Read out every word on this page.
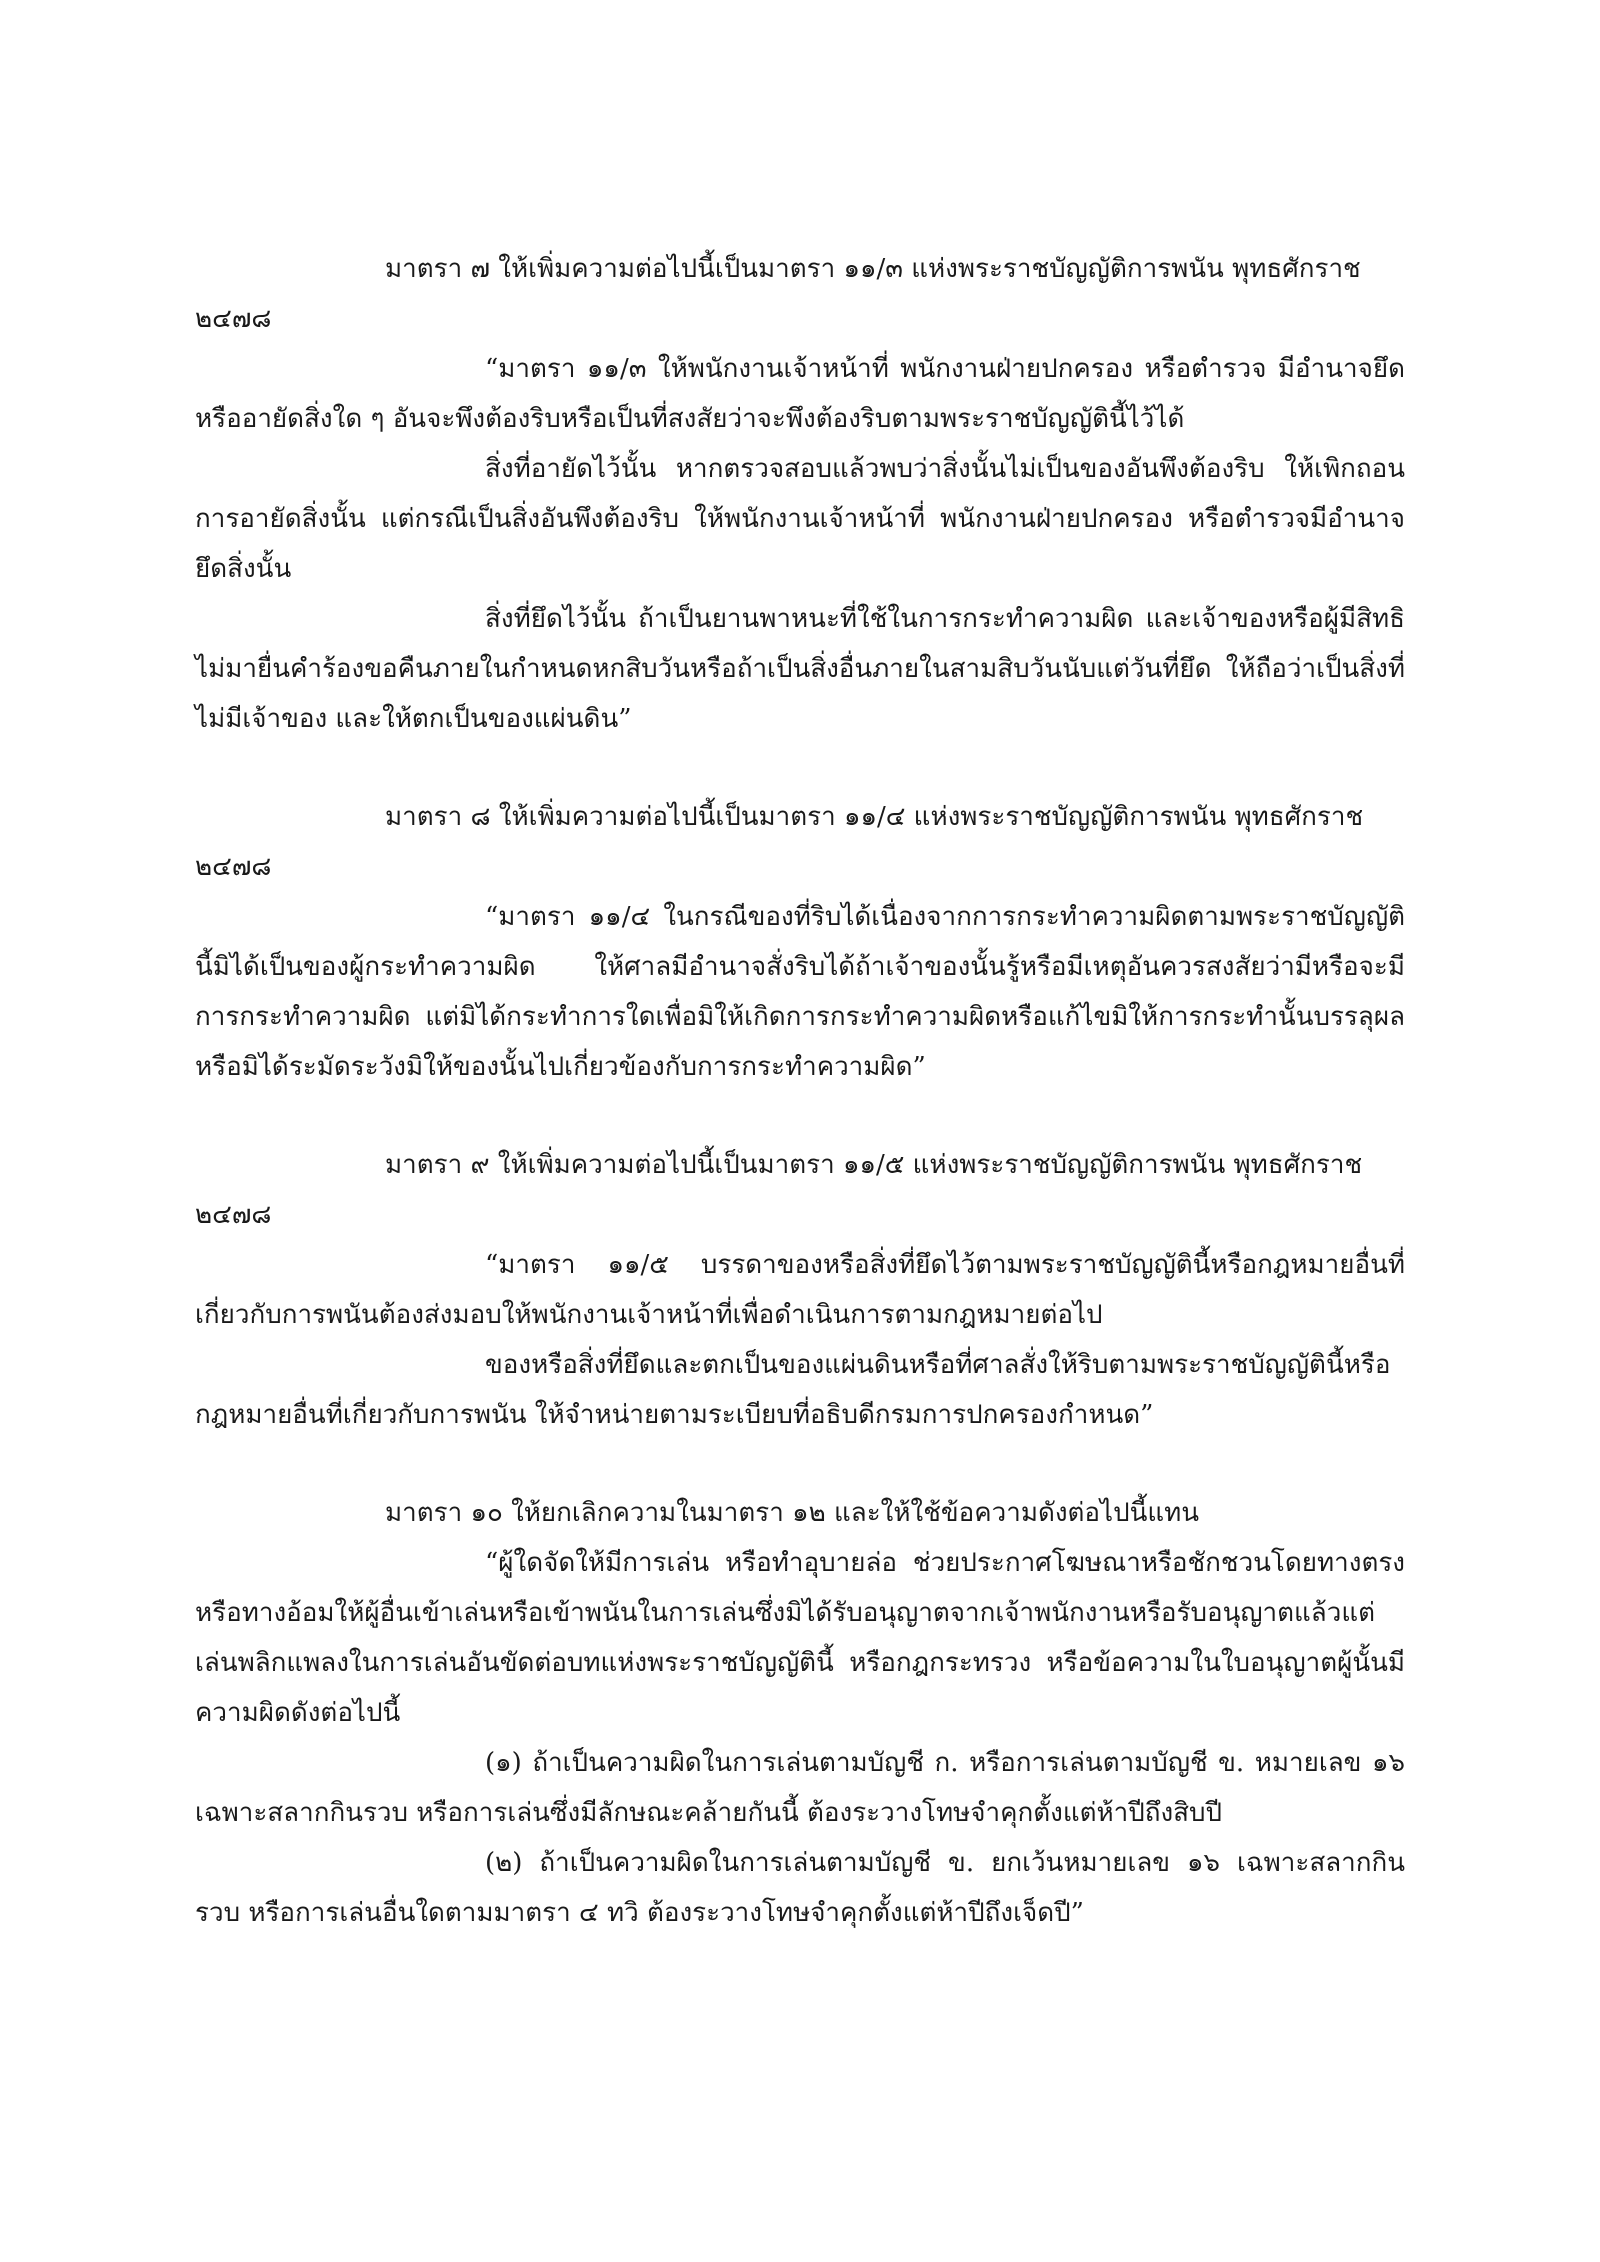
มาตรา ๗ ให้เพิ่มความต่อไปนี้เป็นมาตรา ๑๑/๓ แห่งพระราชบัญญัติการพนัน พุทธศักราช
๒๔๗๘

“มาตรา ๑๑/๓ ให้พนักงานเจ้าหน้าที่ พนักงานฝ่ายปกครอง หรือตำรวจ มีอำนาจยึดหรืออายัดสิ่งใด ๆ อันจะพึงต้องริบหรือเป็นที่สงสัยว่าจะพึงต้องริบตามพระราชบัญญัตินี้ไว้ได้

สิ่งที่อายัดไว้นั้น หากตรวจสอบแล้วพบว่าสิ่งนั้นไม่เป็นของอันพึงต้องริบ ให้เพิกถอนการอายัดสิ่งนั้น แต่กรณีเป็นสิ่งอันพึงต้องริบ ให้พนักงานเจ้าหน้าที่ พนักงานฝ่ายปกครอง หรือตำรวจมีอำนาจยึดสิ่งนั้น

สิ่งที่ยึดไว้นั้น ถ้าเป็นยานพาหนะที่ใช้ในการกระทำความผิด และเจ้าของหรือผู้มีสิทธิไม่มายื่นคำร้องขอคืนภายในกำหนดหกสิบวันหรือถ้าเป็นสิ่งอื่นภายในสามสิบวันนับแต่วันที่ยึด ให้ถือว่าเป็นสิ่งที่ไม่มีเจ้าของ และให้ตกเป็นของแผ่นดิน”

มาตรา ๘ ให้เพิ่มความต่อไปนี้เป็นมาตรา ๑๑/๔ แห่งพระราชบัญญัติการพนัน พุทธศักราช
๒๔๗๘

“มาตรา ๑๑/๔ ในกรณีของที่ริบได้เนื่องจากการกระทำความผิดตามพระราชบัญญัตินี้มิได้เป็นของผู้กระทำความผิด ให้ศาลมีอำนาจสั่งริบได้ถ้าเจ้าของนั้นรู้หรือมีเหตุอันควรสงสัยว่ามีหรือจะมีการกระทำความผิด แต่มิได้กระทำการใดเพื่อมิให้เกิดการกระทำความผิดหรือแก้ไขมิให้การกระทำนั้นบรรลุผลหรือมิได้ระมัดระวังมิให้ของนั้นไปเกี่ยวข้องกับการกระทำความผิด”

มาตรา ๙ ให้เพิ่มความต่อไปนี้เป็นมาตรา ๑๑/๕ แห่งพระราชบัญญัติการพนัน พุทธศักราช
๒๔๗๘

“มาตรา ๑๑/๕ บรรดาของหรือสิ่งที่ยึดไว้ตามพระราชบัญญัตินี้หรือกฎหมายอื่นที่เกี่ยวกับการพนันต้องส่งมอบให้พนักงานเจ้าหน้าที่เพื่อดำเนินการตามกฎหมายต่อไป

ของหรือสิ่งที่ยึดและตกเป็นของแผ่นดินหรือที่ศาลสั่งให้ริบตามพระราชบัญญัตินี้หรือกฎหมายอื่นที่เกี่ยวกับการพนัน ให้จำหน่ายตามระเบียบที่อธิบดีกรมการปกครองกำหนด”

มาตรา ๑๐ ให้ยกเลิกความในมาตรา ๑๒ และให้ใช้ข้อความดังต่อไปนี้แทน

“ผู้ใดจัดให้มีการเล่น หรือทำอุบายล่อ ช่วยประกาศโฆษณาหรือชักชวนโดยทางตรงหรือทางอ้อมให้ผู้อื่นเข้าเล่นหรือเข้าพนันในการเล่นซึ่งมิได้รับอนุญาตจากเจ้าพนักงานหรือรับอนุญาตแล้วแต่เล่นพลิกแพลงในการเล่นอันขัดต่อบทแห่งพระราชบัญญัตินี้ หรือกฎกระทรวง หรือข้อความในใบอนุญาตผู้นั้นมีความผิดดังต่อไปนี้

(๑) ถ้าเป็นความผิดในการเล่นตามบัญชี ก. หรือการเล่นตามบัญชี ข. หมายเลข ๑๖ เฉพาะสลากกินรวบ หรือการเล่นซึ่งมีลักษณะคล้ายกันนี้ ต้องระวางโทษจำคุกตั้งแต่ห้าปีถึงสิบปี

(๒) ถ้าเป็นความผิดในการเล่นตามบัญชี ข. ยกเว้นหมายเลข ๑๖ เฉพาะสลากกินรวบ หรือการเล่นอื่นใดตามมาตรา ๔ ทวิ ต้องระวางโทษจำคุกตั้งแต่ห้าปีถึงเจ็ดปี”
